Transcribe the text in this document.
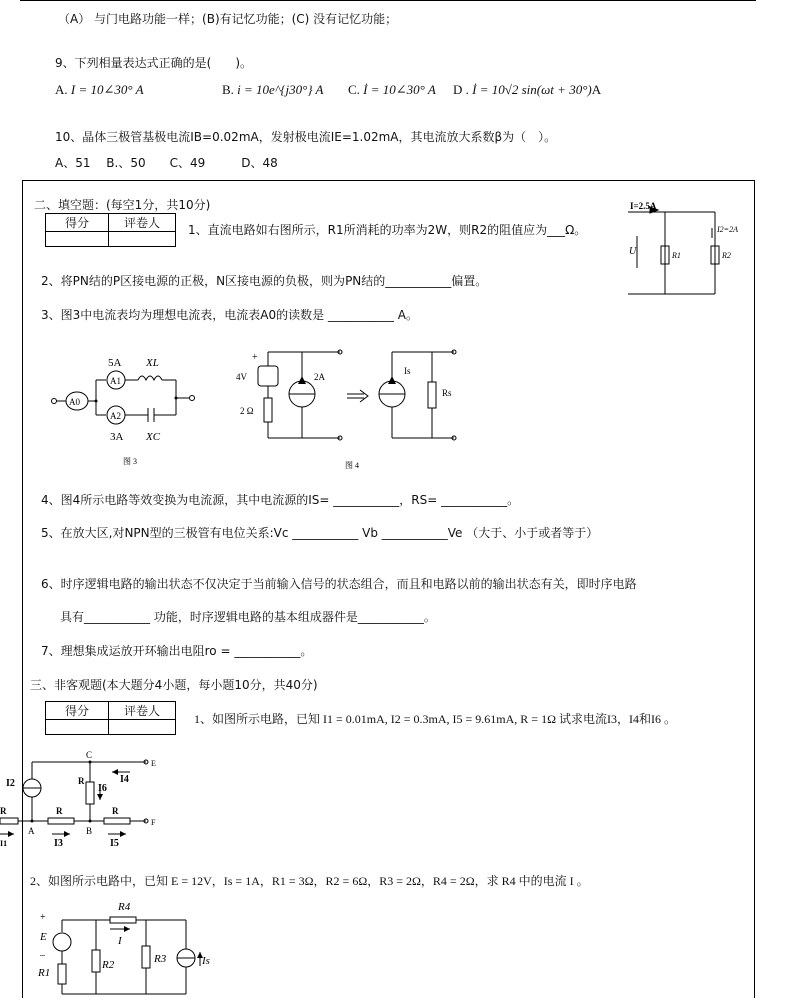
（A） 与门电路功能一样；(B)有记忆功能；(C) 没有记忆功能；
9、下列相量表达式正确的是(　　)。
A. I = 10∠30° A	B. i = 10e^{j30°} A C. İ = 10∠30° A D . İ = 10√2 sin(ωt + 30°)A
10、晶体三极管基极电流IB=0.02mA，发射极电流IE=1.02mA，其电流放大系数β为（　）。
A、51　 B.、50　　C、49　　　D、48
二、填空题：(每空1分，共10分)
得分	评卷人
	1、直流电路如右图所示，R1所消耗的功率为2W，则R2的阻值应为___Ω。
I=2.5A
U	R1
I2=2A
R2
2、将PN结的P区接电源的正极，N区接电源的负极，则为PN结的___________偏置。
3、图3中电流表均为理想电流表，电流表A0的读数是 ___________ A。
5A XL
A0
A1
A2
3A XC
图 3
+
4V	2A
2 Ω
Is
Rs
图 4
4、图4所示电路等效变换为电流源，其中电流源的IS= ___________，RS= ___________。
5、在放大区,对NPN型的三极管有电位关系:Vc ___________ Vb ___________Ve （大于、小于或者等于）
6、时序逻辑电路的输出状态不仅决定于当前输入信号的状态组合，而且和电路以前的输出状态有关，即时序电路
具有___________ 功能，时序逻辑电路的基本组成器件是___________。
7、理想集成运放开环输出电阻ro = ___________。
三、非客观题(本大题分4小题，每小题10分，共40分)
得分	评卷人

1、如图所示电路，已知 I1 = 0.01mA, I2 = 0.3mA, I5 = 9.61mA, R = 1Ω 试求电流I3，I4和I6 。
C
E
F
A	B
I2	I4
I6
I3	I5
I1
R	R	R
R
2、如图所示电路中，已知 E = 12V，Is = 1A，R1 = 3Ω，R2 = 6Ω，R3 = 2Ω，R4 = 2Ω，求 R4 中的电流 I 。
R4
+
E
–
R1
I
R2	R3	Is
